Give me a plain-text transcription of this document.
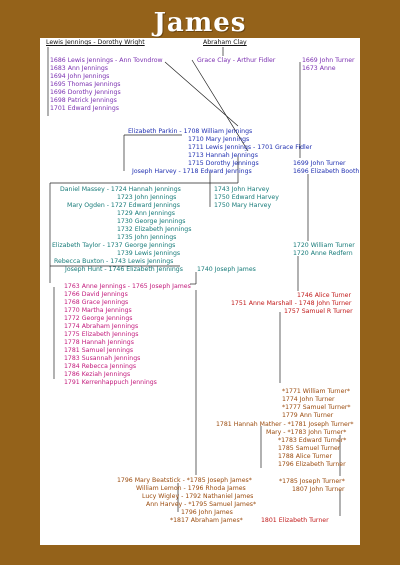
James
Lewis Jennings - Dorothy Wright	Abraham Clay
Grace Clay - Arthur Fidler	1669 John Turner
1673 Anne
1686 Lewis Jennings - Ann Tovndrow
1683 Ann Jennings
1694 John Jennings
1695 Thomas Jennings
1696 Dorothy Jennings
1698 Patrick Jennings
1701 Edward Jennings
Elizabeth Parkin - 1708 William Jennings
1710 Mary Jennings
1711 Lewis Jennings - 1701 Grace Fidler
1713 Hannah Jennings
1715 Dorothy Jennings
Joseph Harvey - 1718 Edward Jennings
1699 John Turner
1696 Elizabeth Booth
Daniel Massey - 1724 Hannah Jennings
1723 John Jennings
Mary Ogden - 1727 Edward Jennings
1729 Ann Jennings
1730 George Jennings
1732 Elizabeth Jennings
1735 John Jennings
Elizabeth Taylor - 1737 George Jennings
1739 Lewis Jennings
Rebecca Buxton - 1743 Lewis Jennings
Joseph Hunt - 1746 Elizabeth Jennings
1743 John Harvey
1750 Edward Harvey
1750 Mary Harvey
1740 Joseph James
1720 William Turner
1720 Anne Redfern
1763 Anne Jennings - 1765 Joseph James
1766 David Jennings
1768 Grace Jennings
1770 Martha Jennings
1772 George Jennings
1774 Abraham Jennings
1775 Elizabeth Jennings
1778 Hannah Jennings
1781 Samuel Jennings
1783 Susannah Jennings
1784 Rebecca Jennings
1786 Keziah Jennings
1791 Kerrenhappuch Jennings
1746 Alice Turner
1751 Anne Marshall - 1748 John Turner
1757 Samuel R Turner
*1771 William Turner*
1774 John Turner
*1777 Samuel Turner*
1779 Ann Turner
1781 Hannah Mather - *1781 Joseph Turner*
Mary - *1783 John Turner*
*1783 Edward Turner*
1785 Samuel Turner
1788 Alice Turner
1796 Elizabeth Turner
*1785 Joseph Turner*
1807 John Turner
1796 Mary Beatstick - *1785 Joseph James*
William Lemon - 1796 Rhoda James
Lucy Wigley - 1792 Nathaniel James
Ann Harvey - *1795 Samuel James*
1796 John James
*1817 Abraham James*	1801 Elizabeth Turner
